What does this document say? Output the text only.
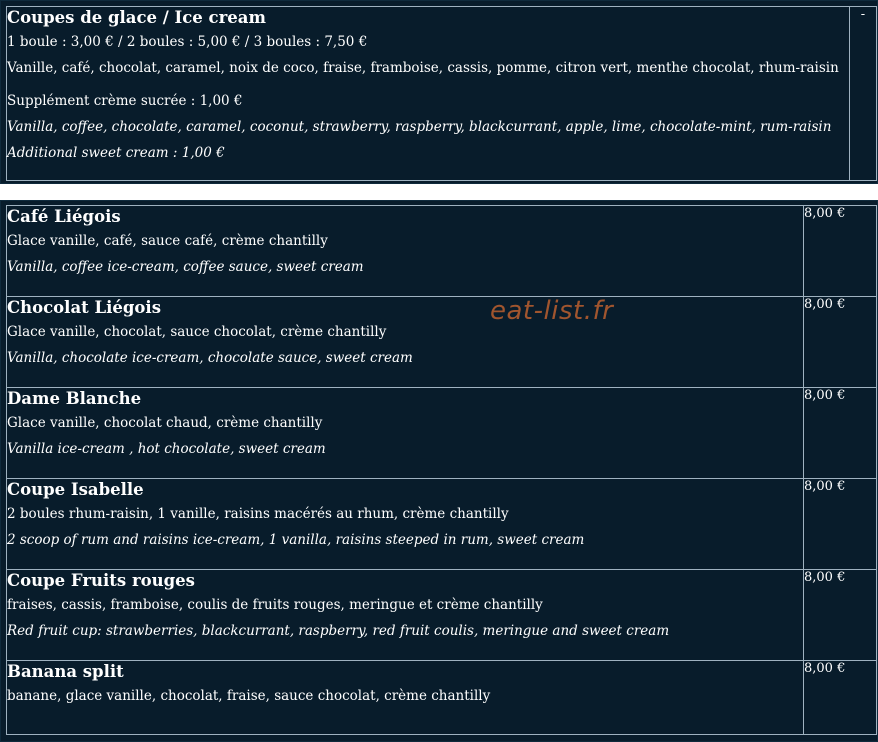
Coupes de glace / Ice cream
1 boule : 3,00 € / 2 boules : 5,00 € / 3 boules : 7,50 €
Vanille, café, chocolat, caramel, noix de coco, fraise, framboise, cassis, pomme, citron vert, menthe chocolat, rhum-raisin
Supplément crème sucrée : 1,00 €
Vanilla, coffee, chocolate, caramel, coconut, strawberry, raspberry, blackcurrant, apple, lime, chocolate-mint, rum-raisin
Additional sweet cream : 1,00 €
	-
Café Liégois
Glace vanille, café, sauce café, crème chantilly
Vanilla, coffee ice-cream, coffee sauce, sweet cream	8,00 €

Chocolat Liégois
Glace vanille, chocolat, sauce chocolat, crème chantilly
Vanilla, chocolate ice-cream, chocolate sauce, sweet cream	8,00 €

Dame Blanche
Glace vanille, chocolat chaud, crème chantilly
Vanilla ice-cream , hot chocolate, sweet cream	8,00 €

Coupe Isabelle
2 boules rhum-raisin, 1 vanille, raisins macérés au rhum, crème chantilly
2 scoop of rum and raisins ice-cream, 1 vanilla, raisins steeped in rum, sweet cream	8,00 €

Coupe Fruits rouges
fraises, cassis, framboise, coulis de fruits rouges, meringue et crème chantilly
Red fruit cup: strawberries, blackcurrant, raspberry, red fruit coulis, meringue and sweet cream	8,00 €

Banana split
banane, glace vanille, chocolat, fraise, sauce chocolat, crème chantilly	8,00 €
eat-list.fr
